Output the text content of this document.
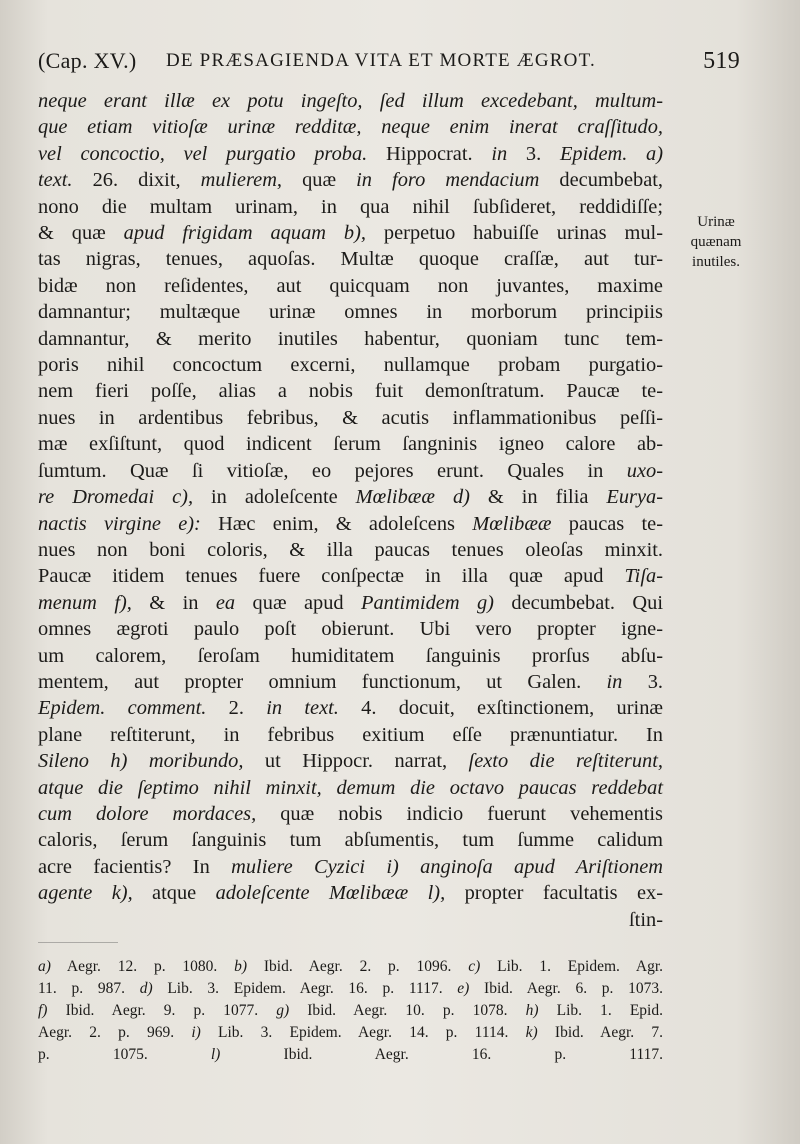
(Cap. XV.) DE PRÆSAGIENDA VITA ET MORTE ÆGROT.	519
neque erant illæ ex potu ingeſto, ſed illum excedebant, multum-
que etiam vitioſæ urinæ redditæ, neque enim inerat craſſitudo,
vel concoctio, vel purgatio proba. Hippocrat. in 3. Epidem. a)
text. 26. dixit, mulierem, quæ in foro mendacium decumbebat,
nono die multam urinam, in qua nihil ſubſideret, reddidiſſe;
& quæ apud frigidam aquam b), perpetuo habuiſſe urinas mul-
tas nigras, tenues, aquoſas. Multæ quoque craſſæ, aut tur-
bidæ non reſidentes, aut quicquam non juvantes, maxime
damnantur; multæque urinæ omnes in morborum principiis
damnantur, & merito inutiles habentur, quoniam tunc tem-
poris nihil concoctum excerni, nullamque probam purgatio-
nem fieri poſſe, alias a nobis fuit demonſtratum. Paucæ te-
nues in ardentibus febribus, & acutis inflammationibus peſſi-
mæ exſiſtunt, quod indicent ſerum ſangninis igneo calore ab-
ſumtum. Quæ ſi vitioſæ, eo pejores erunt. Quales in uxo-
re Dromedai c), in adoleſcente Mœlibææ d) & in filia Eurya-
nactis virgine e): Hæc enim, & adoleſcens Mœlibææ paucas te-
nues non boni coloris, & illa paucas tenues oleoſas minxit.
Paucæ itidem tenues fuere conſpectæ in illa quæ apud Tiſa-
menum f), & in ea quæ apud Pantimidem g) decumbebat. Qui
omnes ægroti paulo poſt obierunt. Ubi vero propter igne-
um calorem, ſeroſam humiditatem ſanguinis prorſus abſu-
mentem, aut propter omnium functionum, ut Galen. in 3.
Epidem. comment. 2. in text. 4. docuit, exſtinctionem, urinæ
plane reſtiterunt, in febribus exitium eſſe prænuntiatur. In
Sileno h) moribundo, ut Hippocr. narrat, ſexto die reſtiterunt,
atque die ſeptimo nihil minxit, demum die octavo paucas reddebat
cum dolore mordaces, quæ nobis indicio fuerunt vehementis
caloris, ſerum ſanguinis tum abſumentis, tum ſumme calidum
acre facientis? In muliere Cyzici i) anginoſa apud Ariſtionem
agente k), atque adoleſcente Mœlibææ l), propter facultatis ex-
ſtin-
Urinæ
quænam
inutiles.
a) Aegr. 12. p. 1080. b) Ibid. Aegr. 2. p. 1096. c) Lib. 1. Epidem. Agr.
11. p. 987. d) Lib. 3. Epidem. Aegr. 16. p. 1117. e) Ibid. Aegr. 6. p. 1073.
f) Ibid. Aegr. 9. p. 1077. g) Ibid. Aegr. 10. p. 1078. h) Lib. 1. Epid.
Aegr. 2. p. 969. i) Lib. 3. Epidem. Aegr. 14. p. 1114. k) Ibid. Aegr. 7.
p. 1075. l) Ibid. Aegr. 16. p. 1117.
